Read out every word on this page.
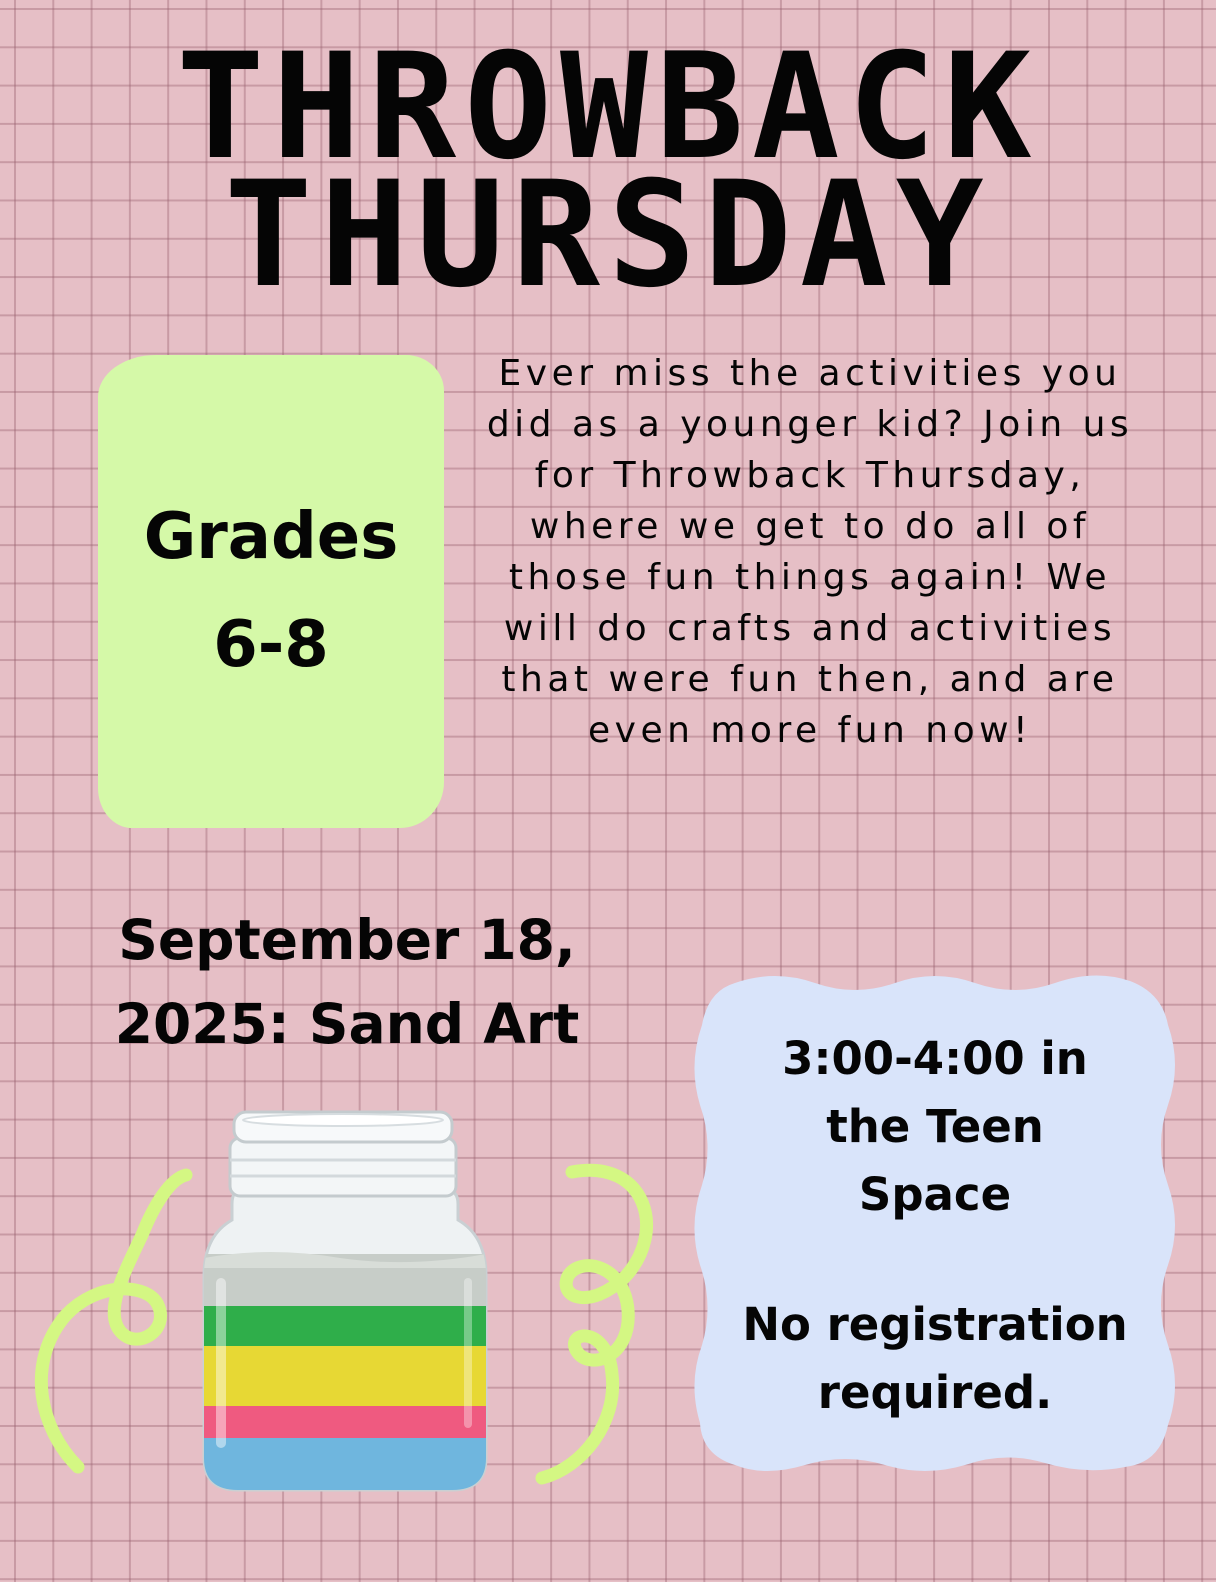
THROWBACK
THURSDAY
Grades
6-8

Ever miss the activities you did as a younger kid? Join us for Throwback Thursday, where we get to do all of those fun things again! We will do crafts and activities that were fun then, and are even more fun now!

September 18,
2025: Sand Art
3:00-4:00 in
the Teen
Space
No registration
required.
